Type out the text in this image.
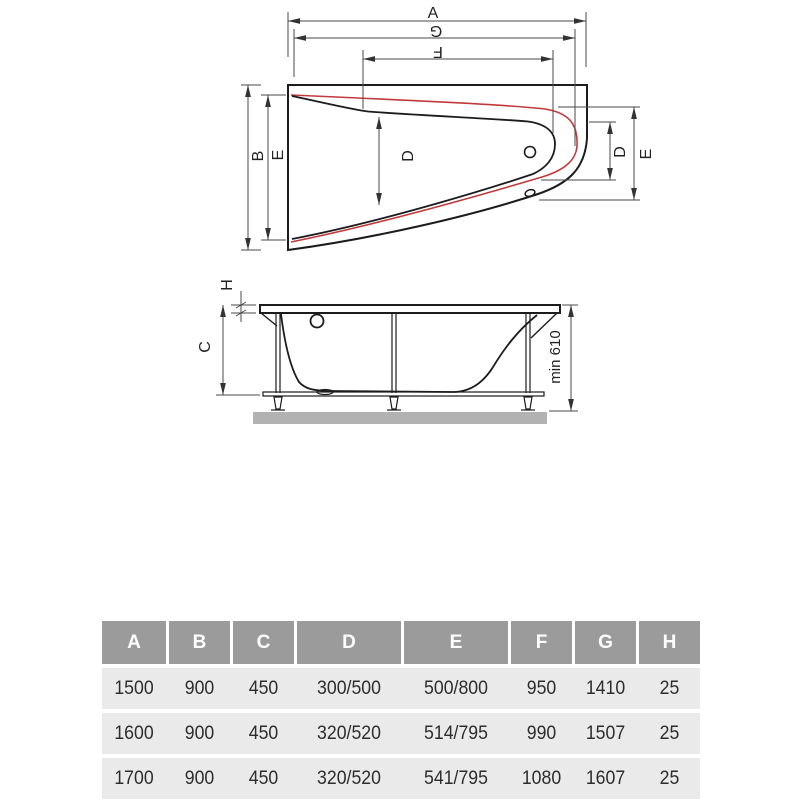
A
G
F
B E	D	D E
H
C	min 610
A	B	C	D	E	F	G	H
1500	900	450	300/500	500/800	950	1410	25
1600	900	450	320/520	514/795	990	1507	25
1700	900	450	320/520	541/795	1080	1607	25
